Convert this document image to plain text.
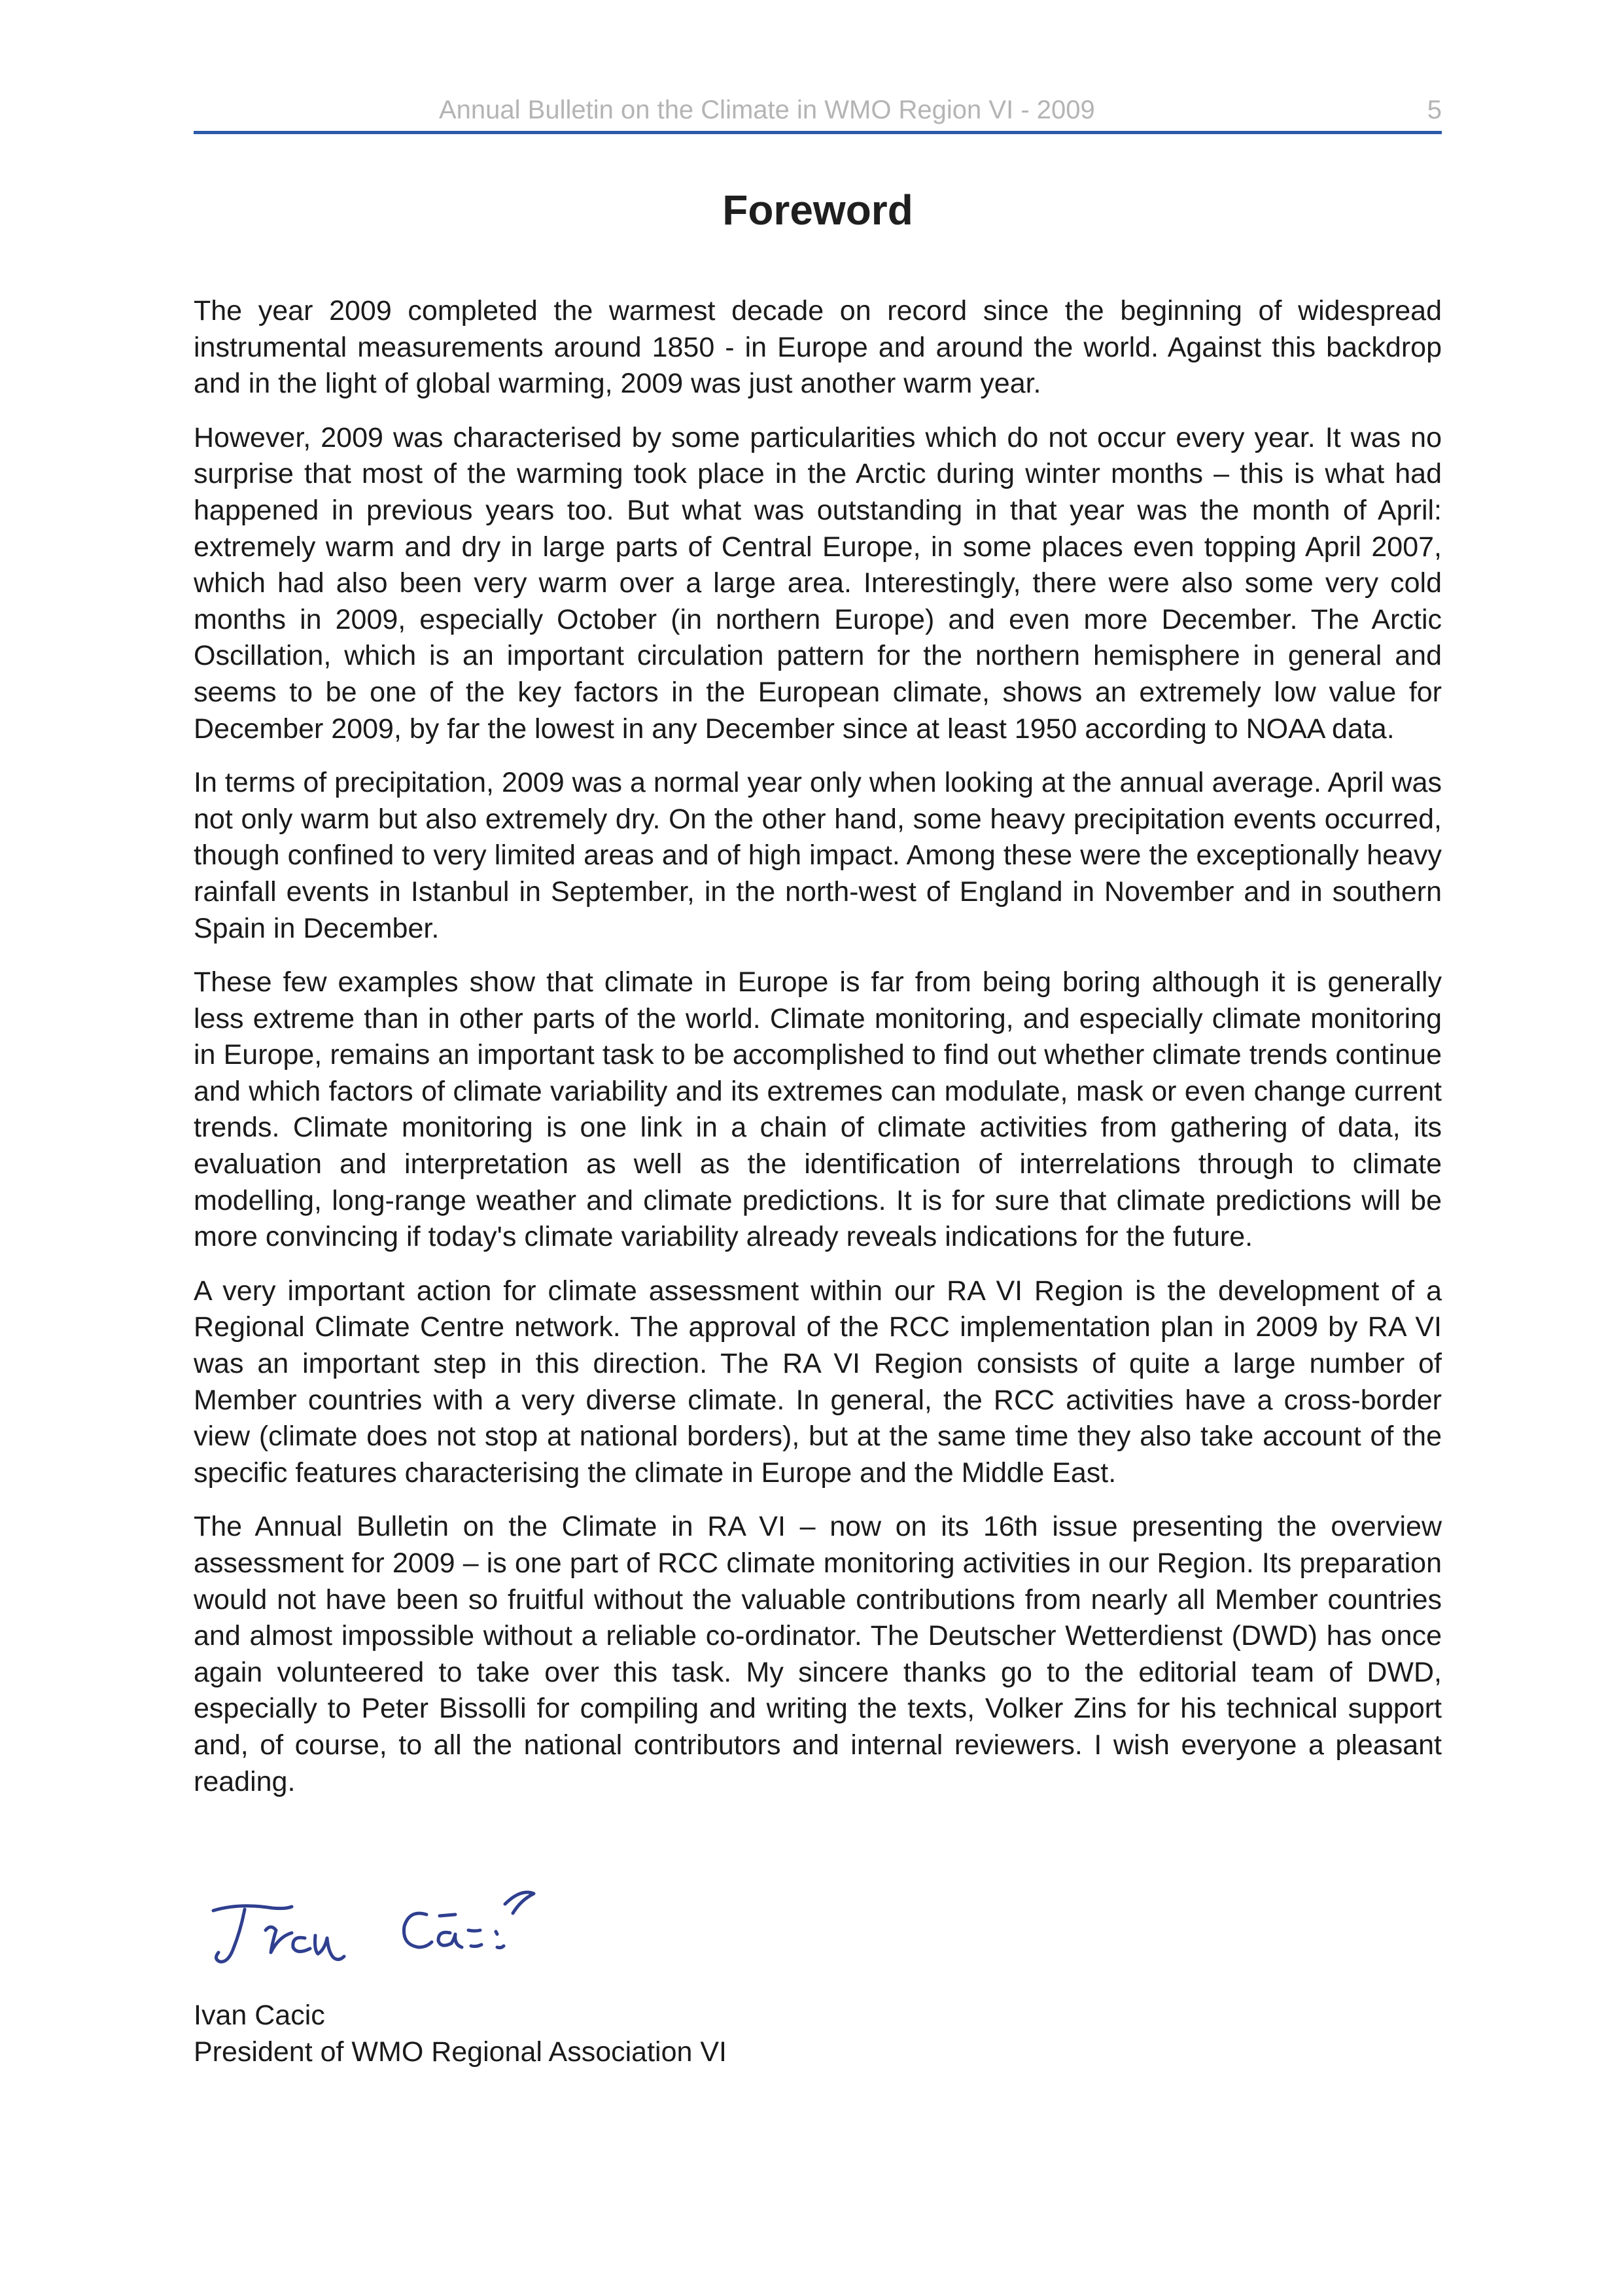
Annual Bulletin on the Climate in WMO Region VI - 2009	5
Foreword

The year 2009 completed the warmest decade on record since the beginning of widespread instrumental measurements around 1850 - in Europe and around the world. Against this backdrop and in the light of global warming, 2009 was just another warm year.

However, 2009 was characterised by some particularities which do not occur every year. It was no surprise that most of the warming took place in the Arctic during winter months – this is what had happened in previous years too. But what was outstanding in that year was the month of April: extremely warm and dry in large parts of Central Europe, in some places even topping April 2007, which had also been very warm over a large area. Interestingly, there were also some very cold months in 2009, especially October (in northern Europe) and even more December. The Arctic Oscillation, which is an important circulation pattern for the northern hemisphere in general and seems to be one of the key factors in the European climate, shows an extremely low value for December 2009, by far the lowest in any December since at least 1950 according to NOAA data.

In terms of precipitation, 2009 was a normal year only when looking at the annual average. April was not only warm but also extremely dry. On the other hand, some heavy precipitation events occurred, though confined to very limited areas and of high impact. Among these were the exceptionally heavy rainfall events in Istanbul in September, in the north-west of England in November and in southern Spain in December.

These few examples show that climate in Europe is far from being boring although it is generally less extreme than in other parts of the world. Climate monitoring, and especially climate monitoring in Europe, remains an important task to be accomplished to find out whether climate trends continue and which factors of climate variability and its extremes can modulate, mask or even change current trends. Climate monitoring is one link in a chain of climate activities from gathering of data, its evaluation and interpretation as well as the identification of interrelations through to climate modelling, long-range weather and climate predictions. It is for sure that climate predictions will be more convincing if today's climate variability already reveals indications for the future.

A very important action for climate assessment within our RA VI Region is the development of a Regional Climate Centre network. The approval of the RCC implementation plan in 2009 by RA VI was an important step in this direction. The RA VI Region consists of quite a large number of Member countries with a very diverse climate. In general, the RCC activities have a cross-border view (climate does not stop at national borders), but at the same time they also take account of the specific features characterising the climate in Europe and the Middle East.

The Annual Bulletin on the Climate in RA VI – now on its 16th issue presenting the overview assessment for 2009 – is one part of RCC climate monitoring activities in our Region. Its preparation would not have been so fruitful without the valuable contributions from nearly all Member countries and almost impossible without a reliable co-ordinator. The Deutscher Wetterdienst (DWD) has once again volunteered to take over this task. My sincere thanks go to the editorial team of DWD, especially to Peter Bissolli for compiling and writing the texts, Volker Zins for his technical support and, of course, to all the national contributors and internal reviewers. I wish everyone a pleasant reading.

Ivan Cacic
President of WMO Regional Association VI
